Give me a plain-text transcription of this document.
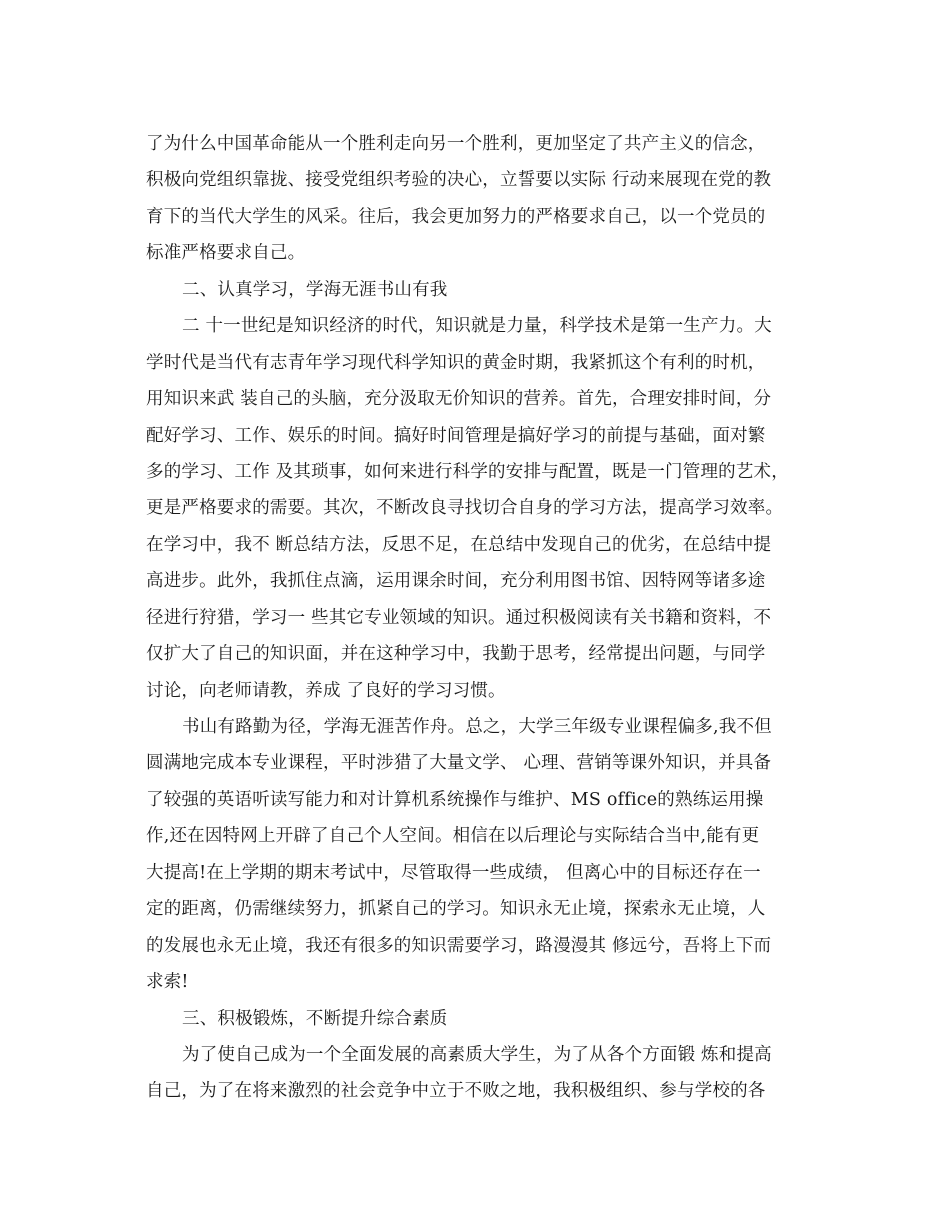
了为什么中国革命能从一个胜利走向另一个胜利，更加坚定了共产主义的信念，
积极向党组织靠拢、接受党组织考验的决心，立誓要以实际 行动来展现在党的教
育下的当代大学生的风采。往后，我会更加努力的严格要求自己，以一个党员的
标准严格要求自己。
二、认真学习，学海无涯书山有我
二 十一世纪是知识经济的时代，知识就是力量，科学技术是第一生产力。大
学时代是当代有志青年学习现代科学知识的黄金时期，我紧抓这个有利的时机，
用知识来武 装自己的头脑，充分汲取无价知识的营养。首先，合理安排时间，分
配好学习、工作、娱乐的时间。搞好时间管理是搞好学习的前提与基础，面对繁
多的学习、工作 及其琐事，如何来进行科学的安排与配置，既是一门管理的艺术，
更是严格要求的需要。其次，不断改良寻找切合自身的学习方法，提高学习效率。
在学习中，我不 断总结方法，反思不足，在总结中发现自己的优劣，在总结中提
高进步。此外，我抓住点滴，运用课余时间，充分利用图书馆、因特网等诸多途
径进行狩猎，学习一 些其它专业领域的知识。通过积极阅读有关书籍和资料，不
仅扩大了自己的知识面，并在这种学习中，我勤于思考，经常提出问题，与同学
讨论，向老师请教，养成 了良好的学习习惯。
书山有路勤为径，学海无涯苦作舟。总之，大学三年级专业课程偏多,我不但
圆满地完成本专业课程，平时涉猎了大量文学、 心理、营销等课外知识，并具备
了较强的英语听读写能力和对计算机系统操作与维护、MS office的熟练运用操
作,还在因特网上开辟了自己个人空间。相信在以后理论与实际结合当中,能有更
大提高!在上学期的期末考试中，尽管取得一些成绩， 但离心中的目标还存在一
定的距离，仍需继续努力，抓紧自己的学习。知识永无止境，探索永无止境，人
的发展也永无止境，我还有很多的知识需要学习，路漫漫其 修远兮，吾将上下而
求索!
三、积极锻炼，不断提升综合素质
为了使自己成为一个全面发展的高素质大学生，为了从各个方面锻 炼和提高
自己，为了在将来激烈的社会竞争中立于不败之地，我积极组织、参与学校的各
